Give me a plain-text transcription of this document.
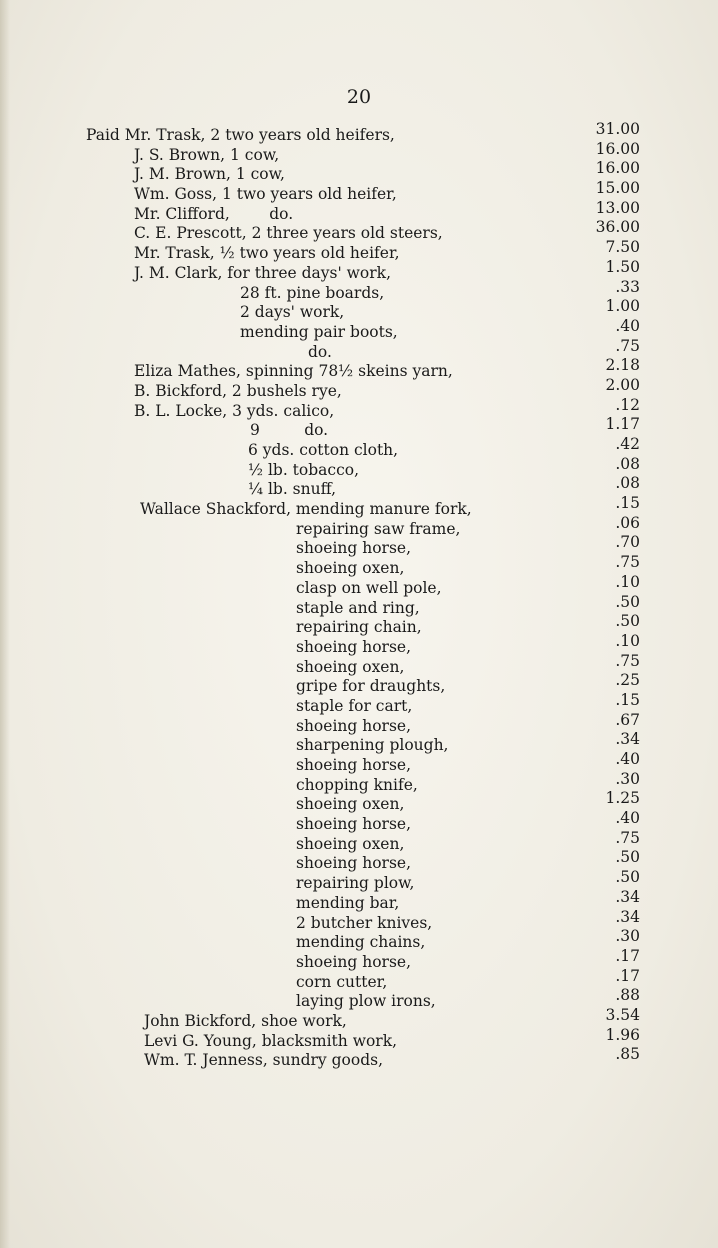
20
Paid Mr. Trask, 2 two years old heifers,	31.00
J. S. Brown, 1 cow,	16.00
J. M. Brown, 1 cow,	16.00
Wm. Goss, 1 two years old heifer,	15.00
Mr. Clifford,        do.	13.00
C. E. Prescott, 2 three years old steers,	36.00
Mr. Trask, ½ two years old heifer,	7.50
J. M. Clark, for three days' work,	1.50
28 ft. pine boards,	.33
2 days' work,	1.00
mending pair boots,	.40
do.	.75
Eliza Mathes, spinning 78½ skeins yarn,	2.18
B. Bickford, 2 bushels rye,	2.00
B. L. Locke, 3 yds. calico,	.12
9         do.	1.17
6 yds. cotton cloth,	.42
½ lb. tobacco,	.08
¼ lb. snuff,	.08
Wallace Shackford, mending manure fork,	.15
repairing saw frame,	.06
shoeing horse,	.70
shoeing oxen,	.75
clasp on well pole,	.10
staple and ring,	.50
repairing chain,	.50
shoeing horse,	.10
shoeing oxen,	.75
gripe for draughts,	.25
staple for cart,	.15
shoeing horse,	.67
sharpening plough,	.34
shoeing horse,	.40
chopping knife,	.30
shoeing oxen,	1.25
shoeing horse,	.40
shoeing oxen,	.75
shoeing horse,	.50
repairing plow,	.50
mending bar,	.34
2 butcher knives,	.34
mending chains,	.30
shoeing horse,	.17
corn cutter,	.17
laying plow irons,	.88
John Bickford, shoe work,	3.54
Levi G. Young, blacksmith work,	1.96
Wm. T. Jenness, sundry goods,	.85
